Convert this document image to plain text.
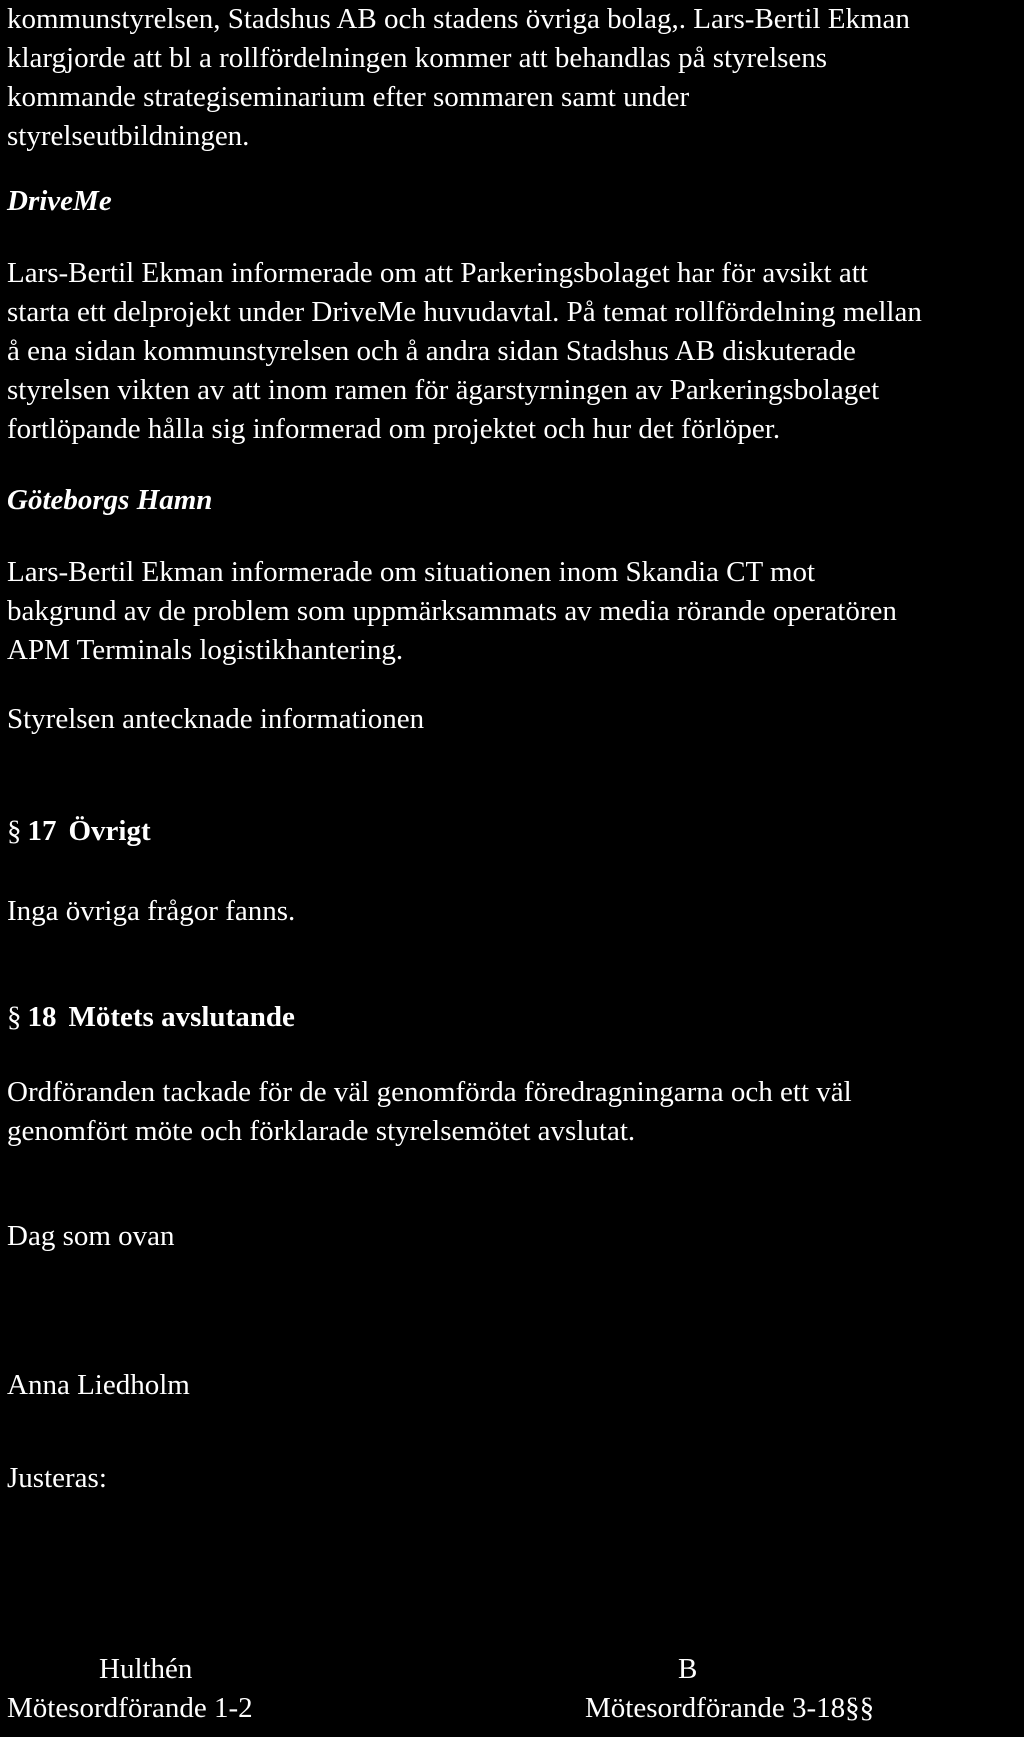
kommunstyrelsen, Stadshus AB och stadens övriga bolag,. Lars-Bertil Ekman

klargjorde att bl a rollfördelningen kommer att behandlas på styrelsens

kommande strategiseminarium efter sommaren samt under

styrelseutbildningen.

DriveMe

Lars-Bertil Ekman informerade om att Parkeringsbolaget har för avsikt att

starta ett delprojekt under DriveMe huvudavtal. På temat rollfördelning mellan

å ena sidan kommunstyrelsen och å andra sidan Stadshus AB diskuterade

styrelsen vikten av att inom ramen för ägarstyrningen av Parkeringsbolaget

fortlöpande hålla sig informerad om projektet och hur det förlöper.

Göteborgs Hamn

Lars-Bertil Ekman informerade om situationen inom Skandia CT mot

bakgrund av de problem som uppmärksammats av media rörande operatören

APM Terminals logistikhantering.

Styrelsen antecknade informationen

§ 17 Övrigt

Inga övriga frågor fanns.

§ 18 Mötets avslutande

Ordföranden tackade för de väl genomförda föredragningarna och ett väl

genomfört möte och förklarade styrelsemötet avslutat.

Dag som ovan

Anna Liedholm

Justeras:

Hulthén

Mötesordförande 1-2

B

Mötesordförande 3-18§§
